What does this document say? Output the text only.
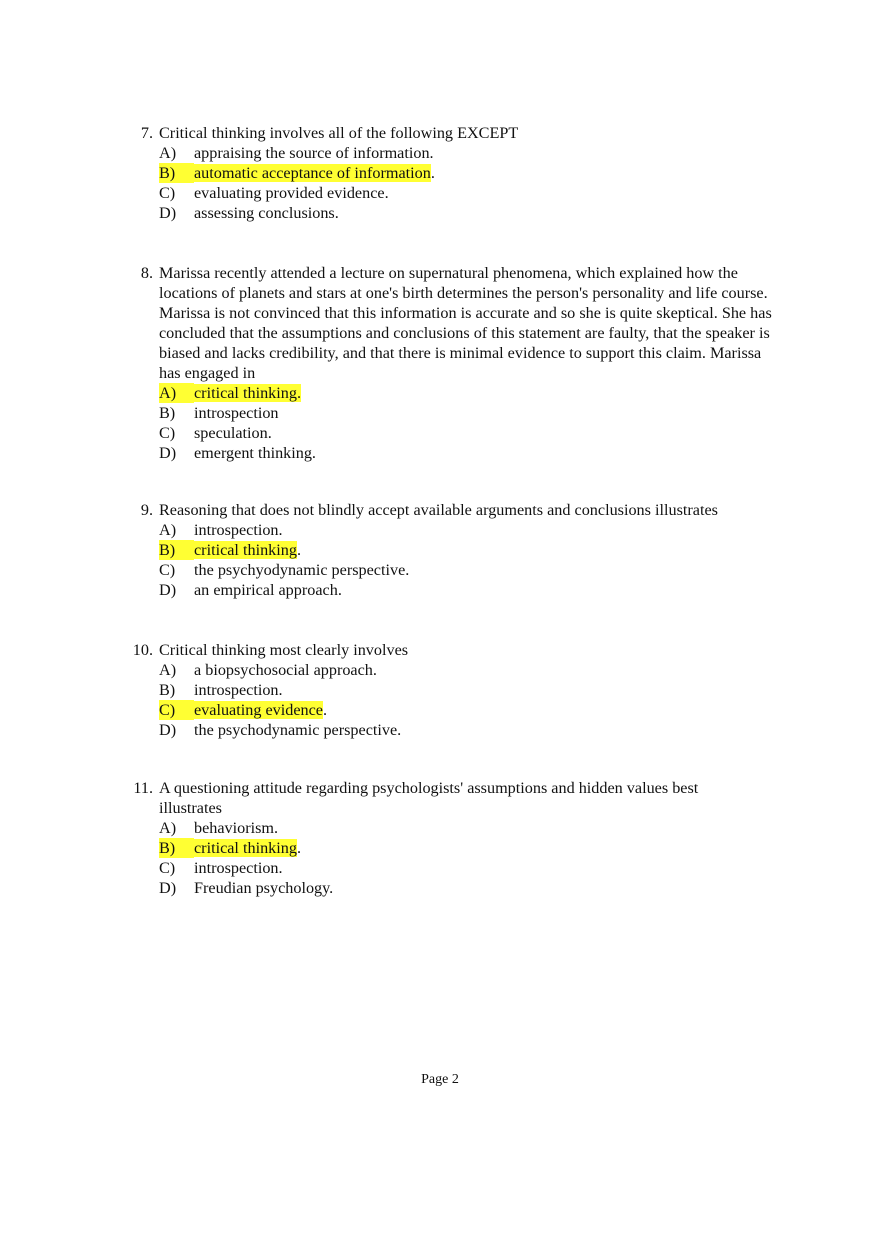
7. Critical thinking involves all of the following EXCEPT
A) appraising the source of information.
B)	automatic acceptance of information.
C) evaluating provided evidence.
D) assessing conclusions.
8. Marissa recently attended a lecture on supernatural phenomena, which explained how the locations of planets and stars at one's birth determines the person's personality and life course. Marissa is not convinced that this information is accurate and so she is quite skeptical. She has concluded that the assumptions and conclusions of this statement are faulty, that the speaker is biased and lacks credibility, and that there is minimal evidence to support this claim. Marissa has engaged in
A)	critical thinking.
B) introspection
C) speculation.
D) emergent thinking.
9. Reasoning that does not blindly accept available arguments and conclusions illustrates
A) introspection.
B)	critical thinking.
C) the psychyodynamic perspective.
D) an empirical approach.
10. Critical thinking most clearly involves
A) a biopsychosocial approach.
B) introspection.
C)	evaluating evidence.
D) the psychodynamic perspective.
11. A questioning attitude regarding psychologists' assumptions and hidden values best illustrates
A) behaviorism.
B)	critical thinking.
C) introspection.
D) Freudian psychology.
Page 2
